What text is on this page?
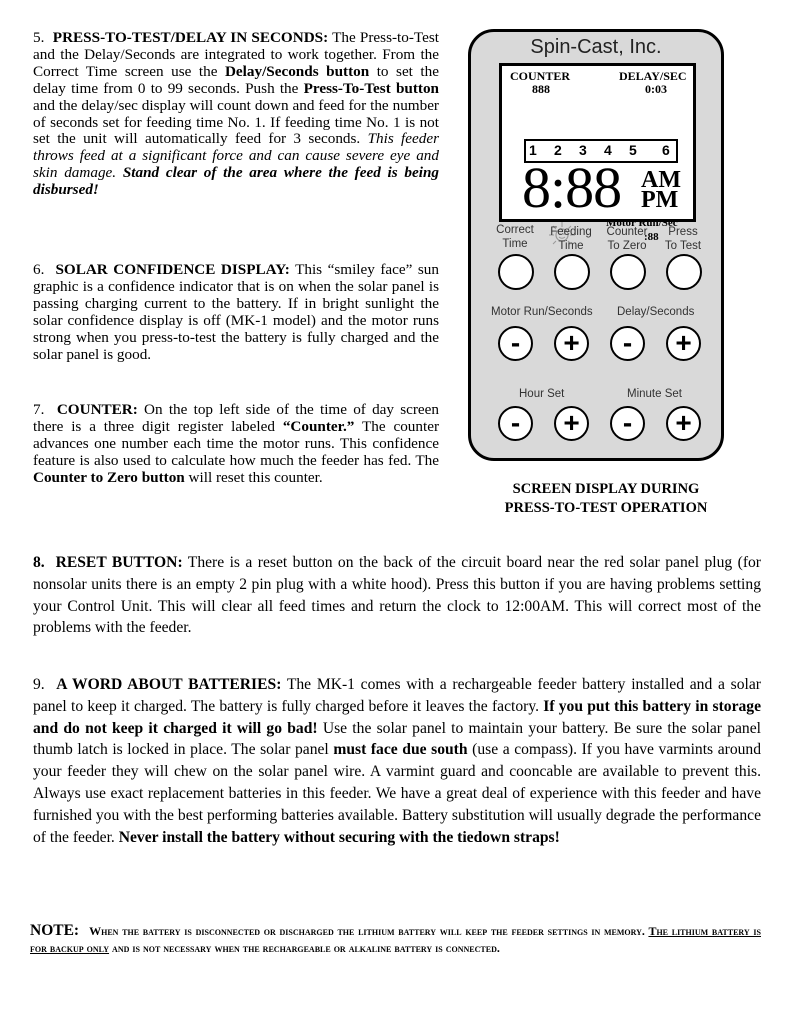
5. PRESS-TO-TEST/DELAY IN SECONDS: The Press-to-Test and the Delay/Seconds are integrated to work together. From the Correct Time screen use the Delay/Seconds button to set the delay time from 0 to 99 seconds. Push the Press-To-Test button and the delay/sec display will count down and feed for the number of seconds set for feeding time No. 1. If feeding time No. 1 is not set the unit will automatically feed for 3 seconds. This feeder throws feed at a significant force and can cause severe eye and skin damage. Stand clear of the area where the feed is being disbursed!
6. SOLAR CONFIDENCE DISPLAY: This “smiley face” sun graphic is a confidence indicator that is on when the solar panel is passing charging current to the battery. If in bright sunlight the solar confidence display is off (MK-1 model) and the motor runs strong when you press-to-test the battery is fully charged and the solar panel is good.
7. COUNTER: On the top left side of the time of day screen there is a three digit register labeled “Counter.” The counter advances one number each time the motor runs. This confidence feature is also used to calculate how much the feeder has fed. The Counter to Zero button will reset this counter.
Spin-Cast, Inc.
COUNTER
888
DELAY/SEC
0:03
1 2 3 4 5 6
8:88 AM
PM
Motor Run/Sec
:88
Correct
Time
Feeding
Time
Counter
To Zero
Press
To Test
Motor Run/Seconds Delay/Seconds
-	+	-	+
Hour Set	Minute Set
-	+	-	+
SCREEN DISPLAY DURING
PRESS-TO-TEST OPERATION
8. RESET BUTTON: There is a reset button on the back of the circuit board near the red solar panel plug (for nonsolar units there is an empty 2 pin plug with a white hood). Press this button if you are having problems setting your Control Unit. This will clear all feed times and return the clock to 12:00AM. This will correct most of the problems with the feeder.
9. A WORD ABOUT BATTERIES: The MK-1 comes with a rechargeable feeder battery installed and a solar panel to keep it charged. The battery is fully charged before it leaves the factory. If you put this battery in storage and do not keep it charged it will go bad! Use the solar panel to maintain your battery. Be sure the solar panel thumb latch is locked in place. The solar panel must face due south (use a compass). If you have varmints around your feeder they will chew on the solar panel wire. A varmint guard and cooncable are available to prevent this. Always use exact replacement batteries in this feeder. We have a great deal of experience with this feeder and have furnished you with the best performing batteries available. Battery substitution will usually degrade the performance of the feeder. Never install the battery without securing with the tiedown straps!
NOTE: When the battery is disconnected or discharged the lithium battery will keep the feeder settings in memory. The lithium battery is for backup only and is not necessary when the rechargeable or alkaline battery is connected.
